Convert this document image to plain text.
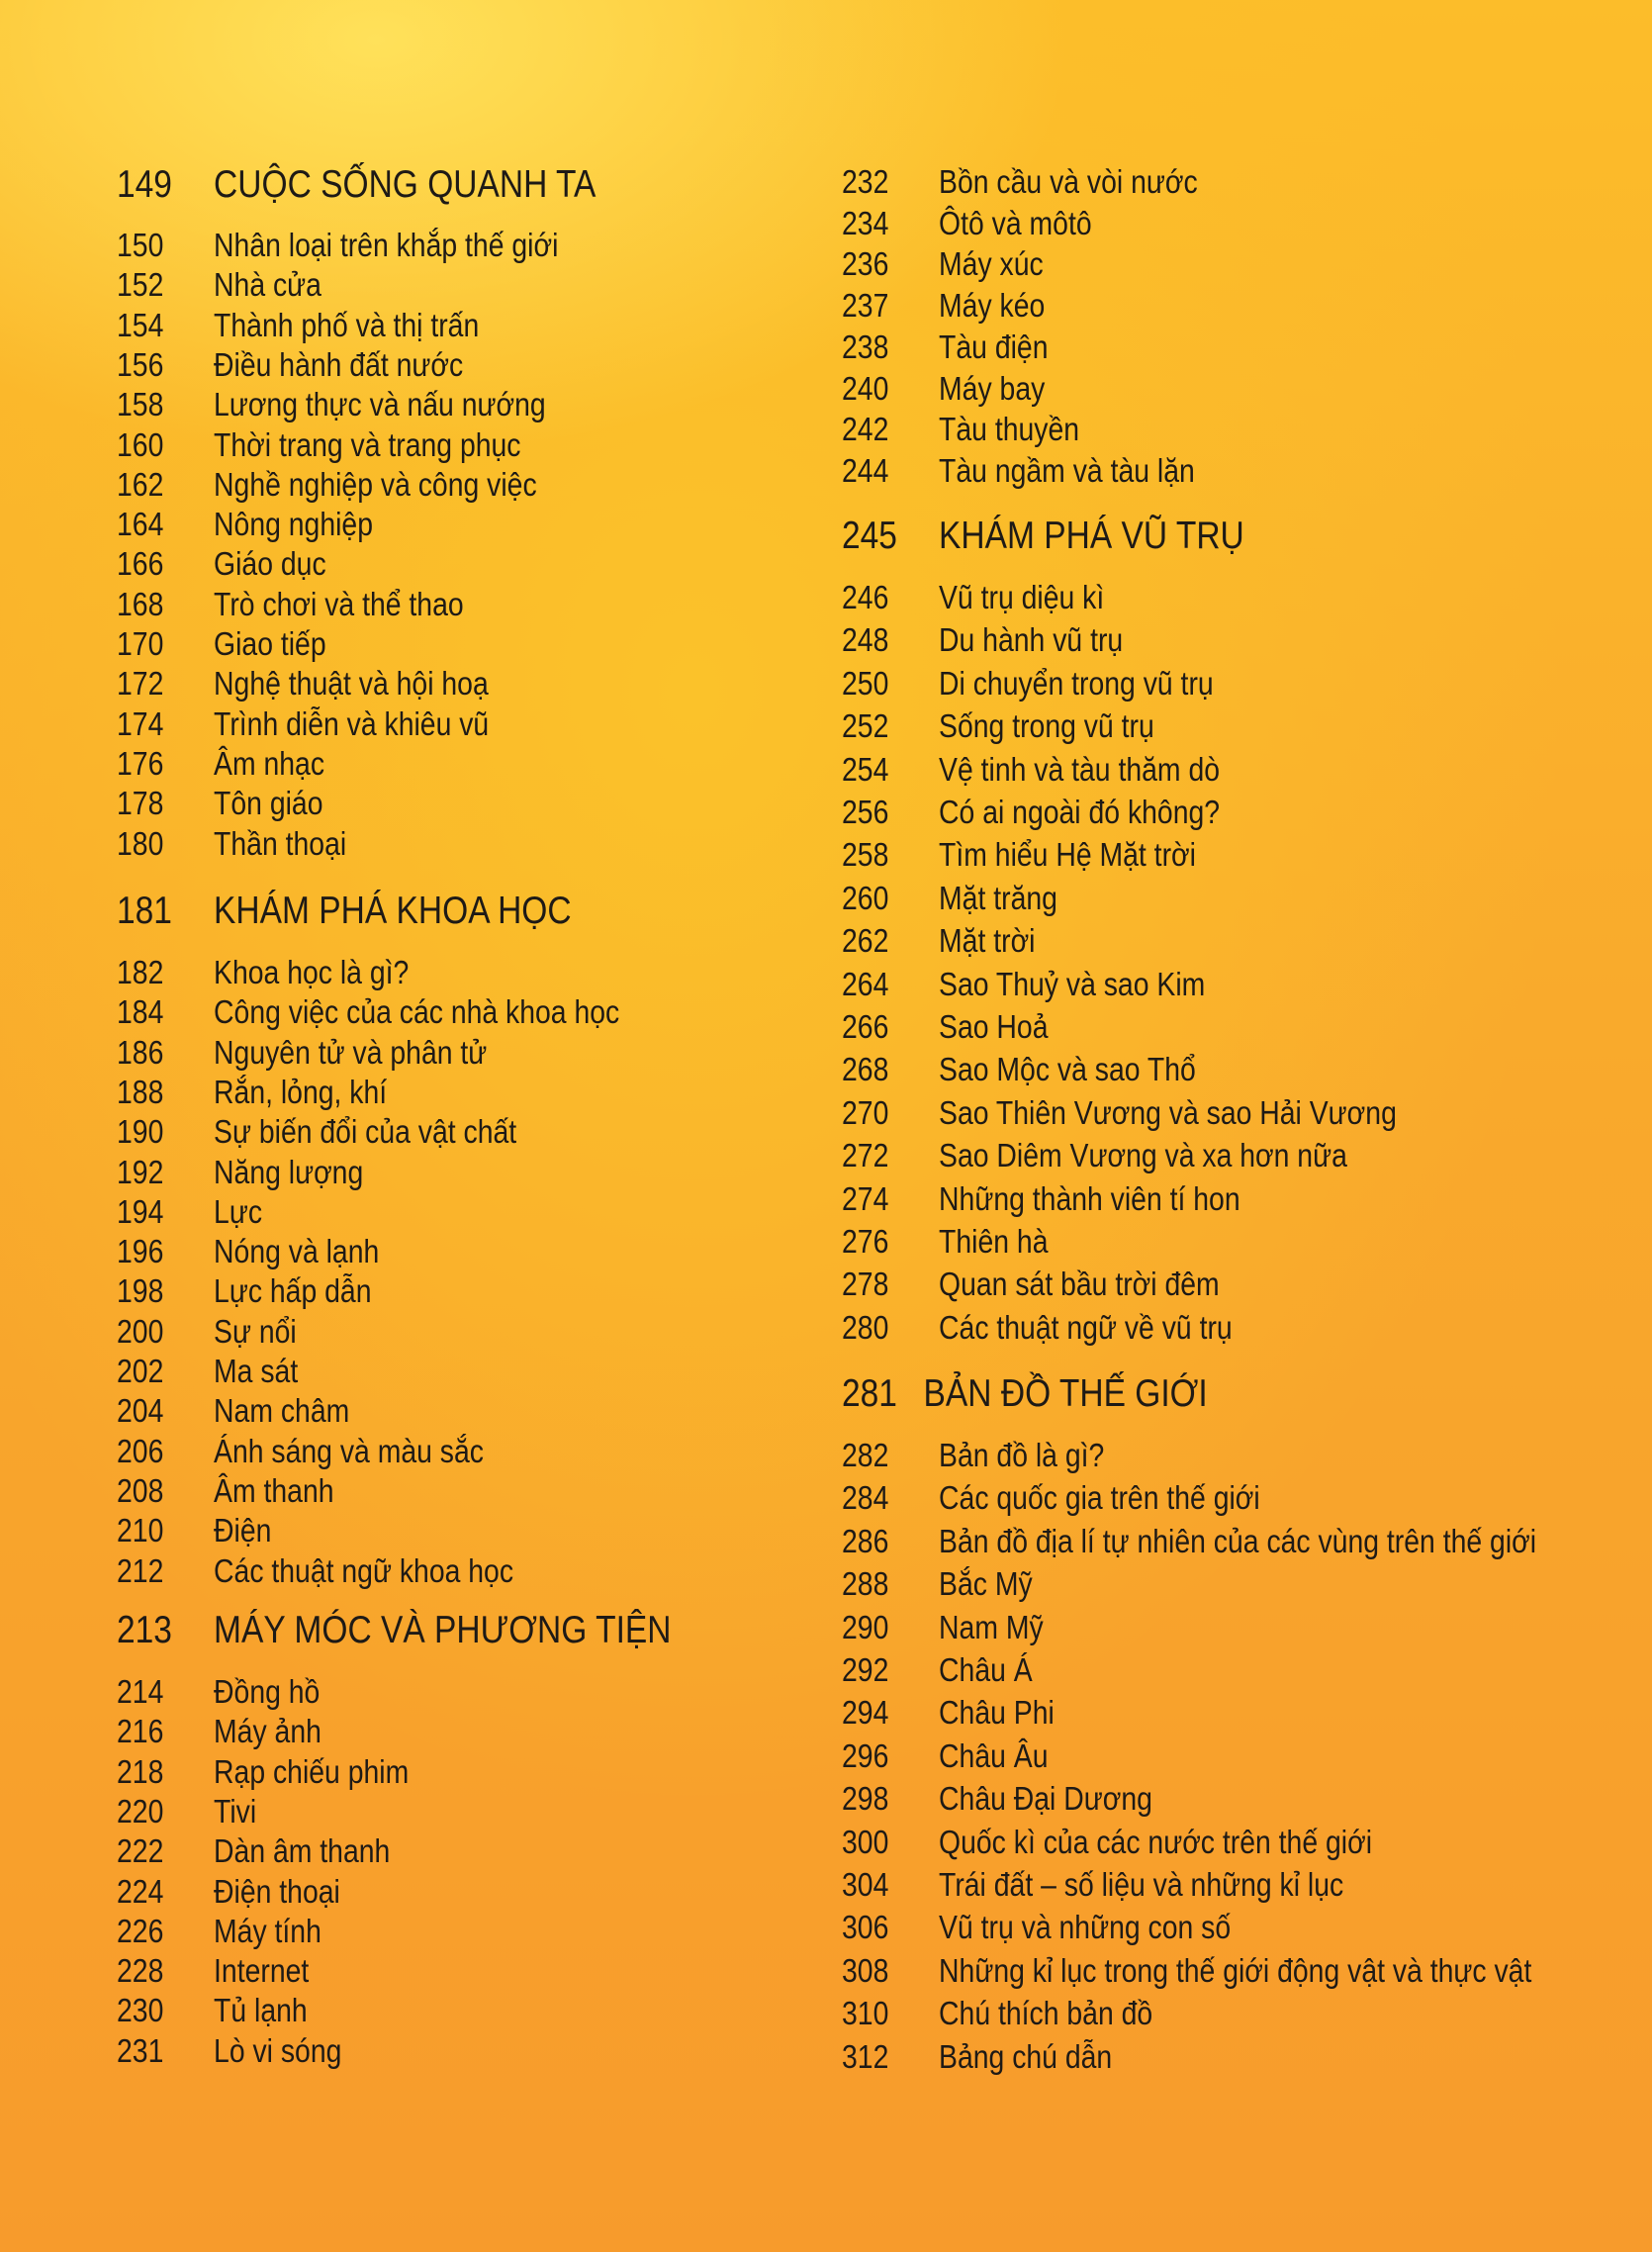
149 CUỘC SỐNG QUANH TA
150 Nhân loại trên khắp thế giới
152 Nhà cửa
154 Thành phố và thị trấn
156 Điều hành đất nước
158 Lương thực và nấu nướng
160 Thời trang và trang phục
162 Nghề nghiệp và công việc
164 Nông nghiệp
166 Giáo dục
168 Trò chơi và thể thao
170 Giao tiếp
172 Nghệ thuật và hội hoạ
174 Trình diễn và khiêu vũ
176 Âm nhạc
178 Tôn giáo
180 Thần thoại
181 KHÁM PHÁ KHOA HỌC
182 Khoa học là gì?
184 Công việc của các nhà khoa học
186 Nguyên tử và phân tử
188 Rắn, lỏng, khí
190 Sự biến đổi của vật chất
192 Năng lượng
194 Lực
196 Nóng và lạnh
198 Lực hấp dẫn
200 Sự nổi
202 Ma sát
204 Nam châm
206 Ánh sáng và màu sắc
208 Âm thanh
210 Điện
212 Các thuật ngữ khoa học
213 MÁY MÓC VÀ PHƯƠNG TIỆN
214 Đồng hồ
216 Máy ảnh
218 Rạp chiếu phim
220 Tivi
222 Dàn âm thanh
224 Điện thoại
226 Máy tính
228 Internet
230 Tủ lạnh
231 Lò vi sóng
232 Bồn cầu và vòi nước
234 Ôtô và môtô
236 Máy xúc
237 Máy kéo
238 Tàu điện
240 Máy bay
242 Tàu thuyền
244 Tàu ngầm và tàu lặn
245 KHÁM PHÁ VŨ TRỤ
246 Vũ trụ diệu kì
248 Du hành vũ trụ
250 Di chuyển trong vũ trụ
252 Sống trong vũ trụ
254 Vệ tinh và tàu thăm dò
256 Có ai ngoài đó không?
258 Tìm hiểu Hệ Mặt trời
260 Mặt trăng
262 Mặt trời
264 Sao Thuỷ và sao Kim
266 Sao Hoả
268 Sao Mộc và sao Thổ
270 Sao Thiên Vương và sao Hải Vương
272 Sao Diêm Vương và xa hơn nữa
274 Những thành viên tí hon
276 Thiên hà
278 Quan sát bầu trời đêm
280 Các thuật ngữ về vũ trụ
281 BẢN ĐỒ THẾ GIỚI
282 Bản đồ là gì?
284 Các quốc gia trên thế giới
286 Bản đồ địa lí tự nhiên của các vùng trên thế giới
288 Bắc Mỹ
290 Nam Mỹ
292 Châu Á
294 Châu Phi
296 Châu Âu
298 Châu Đại Dương
300 Quốc kì của các nước trên thế giới
304 Trái đất – số liệu và những kỉ lục
306 Vũ trụ và những con số
308 Những kỉ lục trong thế giới động vật và thực vật
310 Chú thích bản đồ
312 Bảng chú dẫn
